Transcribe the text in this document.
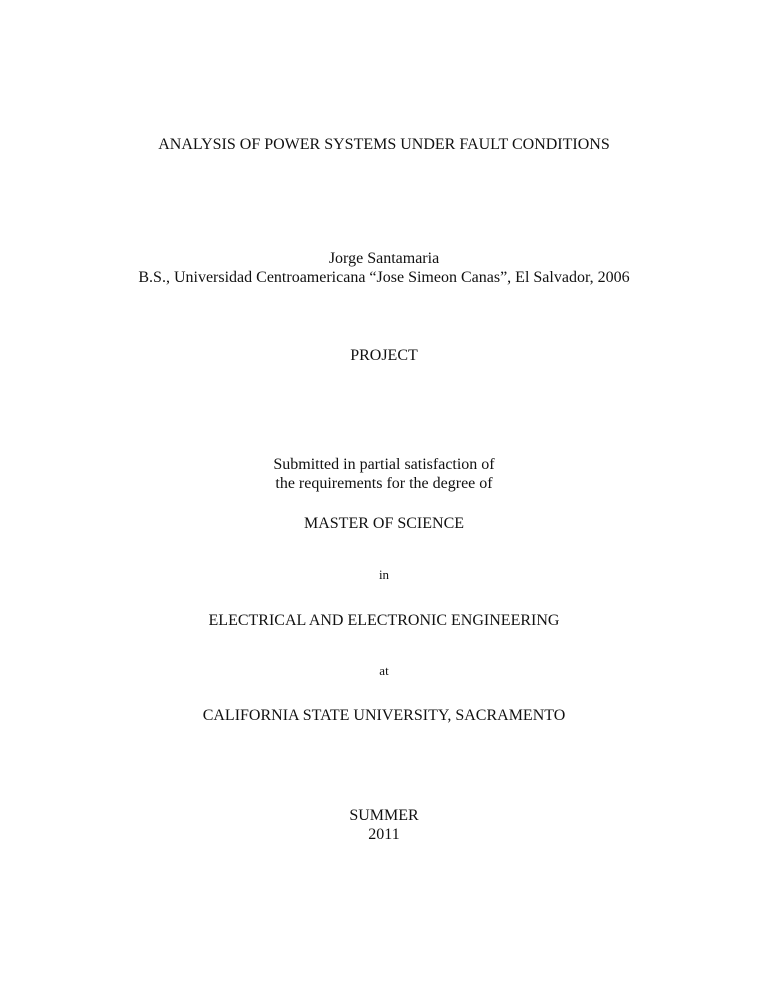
ANALYSIS OF POWER SYSTEMS UNDER FAULT CONDITIONS
Jorge Santamaria
B.S., Universidad Centroamericana “Jose Simeon Canas”, El Salvador, 2006
PROJECT
Submitted in partial satisfaction of
the requirements for the degree of
MASTER OF SCIENCE
in
ELECTRICAL AND ELECTRONIC ENGINEERING
at
CALIFORNIA STATE UNIVERSITY, SACRAMENTO
SUMMER
2011
